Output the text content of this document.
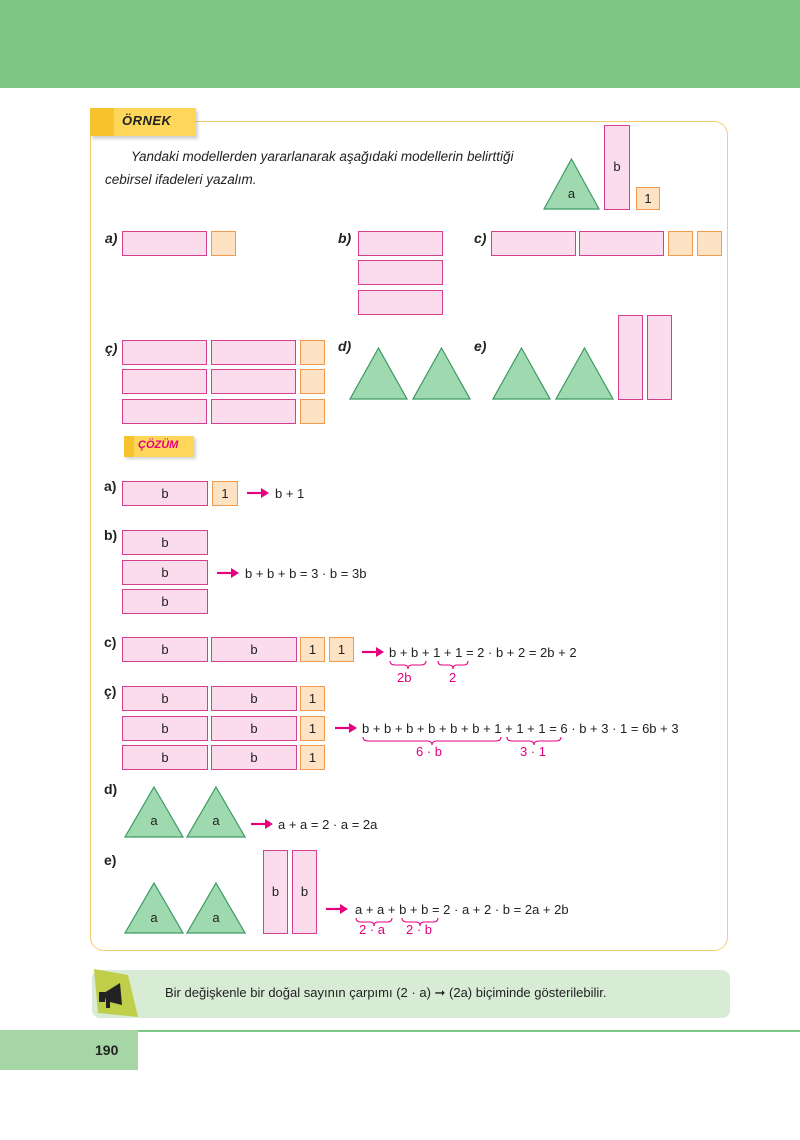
ÖRNEK
Yandaki modellerden yararlanarak aşağıdaki modellerin belirttiği
cebirsel ifadeleri yazalım.
a
b
1
a)	b)	c)
ç)	d)	e)
ÇÖZÜM
a)	b	1	b + 1
b)	b
b
b
b + b + b = 3 · b = 3b
c)	b	b	1 1	b + b + 1 + 1 = 2 · b + 2 = 2b + 2
2b	2
ç)	b	b	1
b	b	1
b	b	1
b + b + b + b + b + b + 1 + 1 + 1 = 6 · b + 3 · 1 = 6b + 3
6 · b	3 · 1
d)
a	a	a + a = 2 · a = 2a
e)
a	a
b b
a + a + b + b = 2 · a + 2 · b = 2a + 2b
2 · a 2 · b
Bir değişkenle bir doğal sayının çarpımı (2 · a) ➞ (2a) biçiminde gösterilebilir.
190
